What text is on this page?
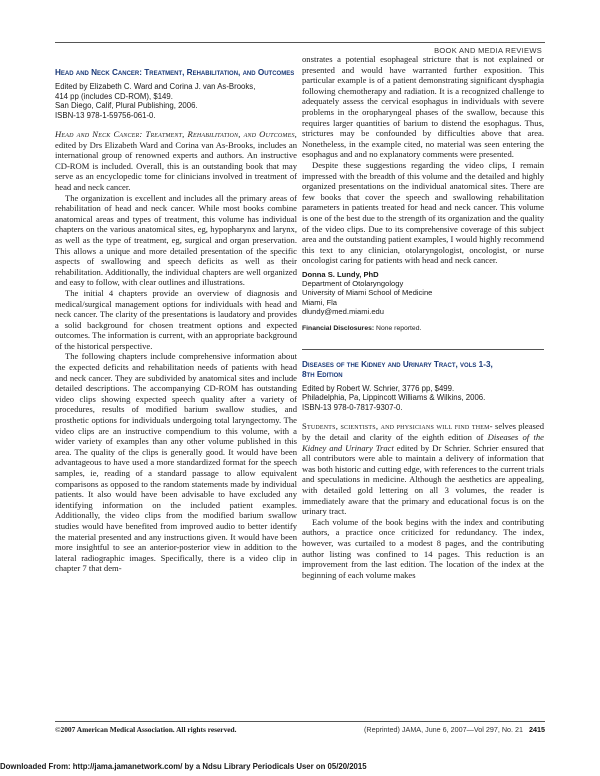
BOOK AND MEDIA REVIEWS
Head and Neck Cancer: Treatment, Rehabilitation, and Outcomes
Edited by Elizabeth C. Ward and Corina J. van As-Brooks,
414 pp (includes CD-ROM), $149.
San Diego, Calif, Plural Publishing, 2006.
ISBN-13 978-1-59756-061-0.

Head and Neck Cancer: Treatment, Rehabilitation, and Outcomes, edited by Drs Elizabeth Ward and Corina van As-Brooks, includes an international group of renowned experts and authors. An instructive CD-ROM is included. Overall, this is an outstanding book that may serve as an encyclopedic tome for clinicians involved in treatment of head and neck cancer.

The organization is excellent and includes all the primary areas of rehabilitation of head and neck cancer. While most books combine anatomical areas and types of treatment, this volume has individual chapters on the various anatomical sites, eg, hypopharynx and larynx, as well as the type of treatment, eg, surgical and organ preservation. This allows a unique and more detailed presentation of the specific aspects of swallowing and speech deficits as well as their rehabilitation. Additionally, the individual chapters are well organized and easy to follow, with clear outlines and illustrations.

The initial 4 chapters provide an overview of diagnosis and medical/surgical management options for individuals with head and neck cancer. The clarity of the presentations is laudatory and provides a solid background for chosen treatment options and expected outcomes. The information is current, with an appropriate background of the historical perspective.

The following chapters include comprehensive information about the expected deficits and rehabilitation needs of patients with head and neck cancer. They are subdivided by anatomical sites and include detailed descriptions. The accompanying CD-ROM has outstanding video clips showing expected speech quality after a variety of procedures, results of modified barium swallow studies, and prosthetic options for individuals undergoing total laryngectomy. The video clips are an instructive compendium to this volume, with a wider variety of examples than any other volume published in this area. The quality of the clips is generally good. It would have been advantageous to have used a more standardized format for the speech samples, ie, reading of a standard passage to allow equivalent comparisons as opposed to the random statements made by individual patients. It also would have been advisable to have excluded any identifying information on the included patient examples. Additionally, the video clips from the modified barium swallow studies would have benefited from improved audio to better identify the material presented and any instructions given. It would have been more insightful to see an anterior-posterior view in addition to the lateral radiographic images. Specifically, there is a video clip in chapter 7 that dem-

onstrates a potential esophageal stricture that is not explained or presented and would have warranted further exposition. This particular example is of a patient demonstrating significant dysphagia following chemotherapy and radiation. It is a recognized challenge to adequately assess the cervical esophagus in individuals with severe problems in the oropharyngeal phases of the swallow, because this requires larger quantities of barium to distend the esophagus. Thus, strictures may be confounded by difficulties above that area. Nonetheless, in the example cited, no material was seen entering the esophagus and and no explanatory comments were presented.

Despite these suggestions regarding the video clips, I remain impressed with the breadth of this volume and the detailed and highly organized presentations on the individual anatomical sites. There are few books that cover the speech and swallowing rehabilitation parameters in patients treated for head and neck cancer. This volume is one of the best due to the strength of its organization and the quality of the video clips. Due to its comprehensive coverage of this subject area and the outstanding patient examples, I would highly recommend this text to any clinician, otolaryngologist, oncologist, or nurse oncologist caring for patients with head and neck cancer.

Donna S. Lundy, PhD
Department of Otolaryngology
University of Miami School of Medicine
Miami, Fla
dlundy@med.miami.edu
Financial Disclosures: None reported.
Diseases of the Kidney and Urinary Tract, vols 1-3,
8th Edition
Edited by Robert W. Schrier, 3776 pp, $499.
Philadelphia, Pa, Lippincott Williams & Wilkins, 2006.
ISBN-13 978-0-7817-9307-0.

Students, scientists, and physicians will find them- selves pleased by the detail and clarity of the eighth edition of Diseases of the Kidney and Urinary Tract edited by Dr Schrier. Schrier ensured that all contributors were able to maintain a delivery of information that was both historic and cutting edge, with references to the current trials and speculations in medicine. Although the aesthetics are appealing, with detailed gold lettering on all 3 volumes, the reader is immediately aware that the primary and educational focus is on the urinary tract.

Each volume of the book begins with the index and contributing authors, a practice once criticized for redundancy. The index, however, was curtailed to a modest 8 pages, and the contributing author listing was confined to 14 pages. This reduction is an improvement from the last edition. The location of the index at the beginning of each volume makes

©2007 American Medical Association. All rights reserved.	(Reprinted) JAMA, June 6, 2007—Vol 297, No. 21 2415
Downloaded From: http://jama.jamanetwork.com/ by a Ndsu Library Periodicals User on 05/20/2015
